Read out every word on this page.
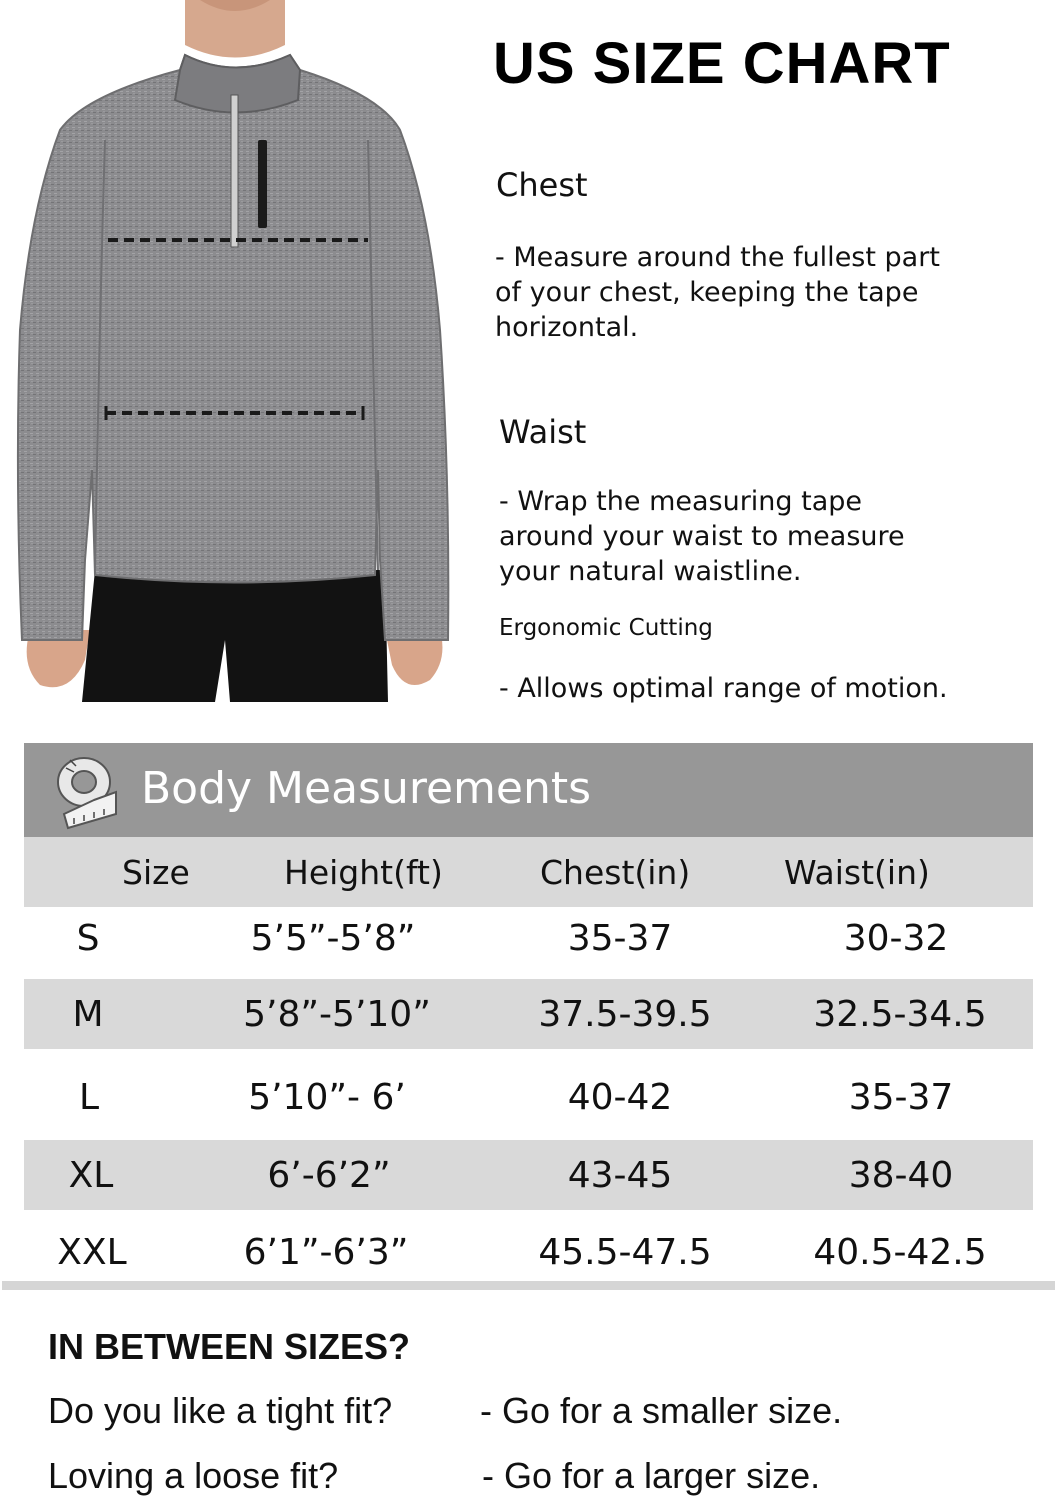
US SIZE CHART
Chest
- Measure around the fullest part
of your chest, keeping the tape
horizontal.
Waist
- Wrap the measuring tape
around your waist to measure
your natural waistline.
Ergonomic Cutting
- Allows optimal range of motion.
Body Measurements
Size	Height(ft)	Chest(in)	Waist(in)
S	5’5”-5’8”	35-37	30-32
M	5’8”-5’10”	37.5-39.5	32.5-34.5
L	5’10”- 6’	40-42	35-37
XL	6’-6’2”	43-45	38-40
XXL	6’1”-6’3”	45.5-47.5	40.5-42.5
IN BETWEEN SIZES?
Do you like a tight fit? - Go for a smaller size.
Loving a loose fit?	- Go for a larger size.
